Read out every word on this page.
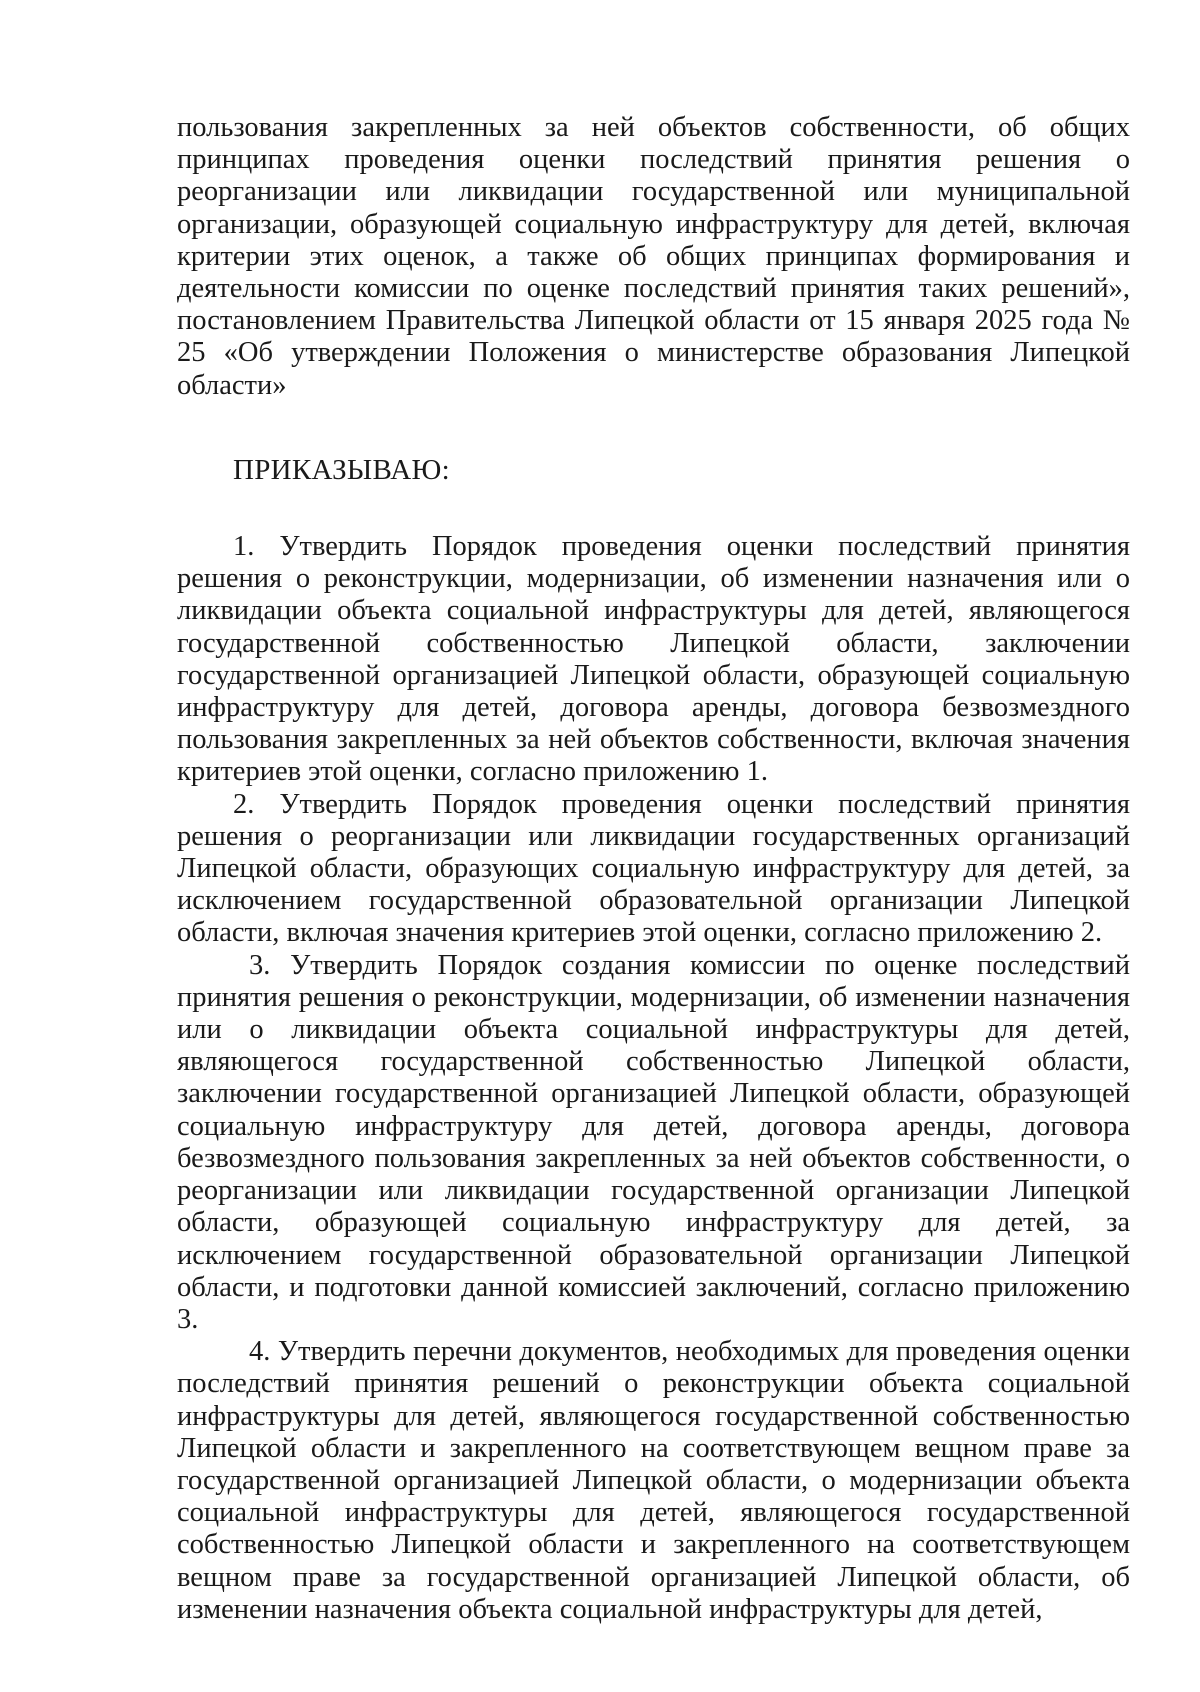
пользования закрепленных за ней объектов собственности, об общих принципах проведения оценки последствий принятия решения о реорганизации или ликвидации государственной или муниципальной организации, образующей социальную инфраструктуру для детей, включая критерии этих оценок, а также об общих принципах формирования и деятельности комиссии по оценке последствий принятия таких решений», постановлением Правительства Липецкой области от 15 января 2025 года № 25 «Об утверждении Положения о министерстве образования Липецкой области»

ПРИКАЗЫВАЮ:

1. Утвердить Порядок проведения оценки последствий принятия решения о реконструкции, модернизации, об изменении назначения или о ликвидации объекта социальной инфраструктуры для детей, являющегося государственной собственностью Липецкой области, заключении государственной организацией Липецкой области, образующей социальную инфраструктуру для детей, договора аренды, договора безвозмездного пользования закрепленных за ней объектов собственности, включая значения критериев этой оценки, согласно приложению 1.

2. Утвердить Порядок проведения оценки последствий принятия решения о реорганизации или ликвидации государственных организаций Липецкой области, образующих социальную инфраструктуру для детей, за исключением государственной образовательной организации Липецкой области, включая значения критериев этой оценки, согласно приложению 2.

3. Утвердить Порядок создания комиссии по оценке последствий принятия решения о реконструкции, модернизации, об изменении назначения или о ликвидации объекта социальной инфраструктуры для детей, являющегося государственной собственностью Липецкой области, заключении государственной организацией Липецкой области, образующей социальную инфраструктуру для детей, договора аренды, договора безвозмездного пользования закрепленных за ней объектов собственности, о реорганизации или ликвидации государственной организации Липецкой области, образующей социальную инфраструктуру для детей, за исключением государственной образовательной организации Липецкой области, и подготовки данной комиссией заключений, согласно приложению 3.

4. Утвердить перечни документов, необходимых для проведения оценки последствий принятия решений о реконструкции объекта социальной инфраструктуры для детей, являющегося государственной собственностью Липецкой области и закрепленного на соответствующем вещном праве за государственной организацией Липецкой области, о модернизации объекта социальной инфраструктуры для детей, являющегося государственной собственностью Липецкой области и закрепленного на соответствующем вещном праве за государственной организацией Липецкой области, об изменении назначения объекта социальной инфраструктуры для детей,
